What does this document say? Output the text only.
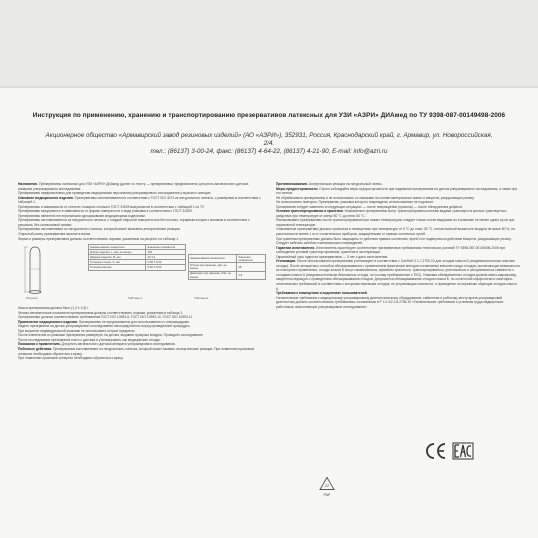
Инструкция по применению, хранению и транспортированию презервативов латексных для УЗИ «АЗРИ» ДИАмед по ТУ 9398-087-00149498-2006
Акционерное общество «Армавирский завод резиновых изделий» (АО «АЗРИ»), 352931, Россия, Краснодарский край, г. Армавир, ул. Новороссийская, 2/4.
тел.: (86137) 3-00-24, факс: (86137) 4-64-22, (86137) 4-21-90, E-mail: info@azri.ru

Назначение. Презервативы латексные для УЗИ «АЗРИ» ДИАмед (далее по тексту — презервативы) предназначены для ректо-вагинального датчика аппарата ультразвукового исследования.

Презервативы предназначены для проведения медицинским персоналом ультразвукового исследования у мужчин и женщин.

Описание медицинского изделия. Презервативы изготавливаются в соответствии с ГОСТ ISO 4074 из натурального латекса, с размерами в соответствии с таблицей 1.

Презервативы в зависимости от степени толщины согласно ГОСТ 31509 выпускаются в соответствии с таблицей 1 по ТУ.

Презервативы выпускаются в зависимости от формы поверхности и вида упаковки в соответствии с ГОСТ 31509.

Презервативы являются нестерильными одноразовыми медицинскими изделиями.

Презервативы изготавливаются из натурального латекса, с гладкой открытой поверхностью без полосы, торцевым концом с валиком в соответствии с рисунком, без силиконовой смазки.

Презервативы изготавливают из натурального латекса, который может вызывать аллергические реакции.

Открытый конец презерватива закатан в валик.

Форма и размеры презервативов должны соответствовать нормам, указанным на рисунке и в таблице 1.

Рисунок	Таблица 1	Таблица 2
Наименование показателя	Значение показателя
Длина изделия, L, мм, не менее	160
Ширина изделия, В, мм	40 ± 2
Толщина стенки, S, мм	0,06 ± 0,02
Толщина валика	0,06 ± 0,02
Наименование показателя	Значение показателя
Объем при разрыве, дм³, не менее	18
Давление при разрыве, кПа, не менее	1,0

Масса презерватива должна быть (1,3 ± 0,3) г.

Физико-механические показатели презервативов должны соответствовать нормам, указанным в таблице 2.

Презервативы должны соответствовать требованиям ГОСТ ISO 10993-5, ГОСТ ISO 10993-10, ГОСТ ISO 10993-11.

Применение медицинского изделия. Презервативы не предназначены для использования со спермицидами.

Надеть презерватив на датчик ультразвукового исследования непосредственно перед проведением процедуры.

При вскрытии индивидуальной упаковки не использовать острые предметы.

После извлечения из упаковки презерватив развернуть на датчик, выдавив пузырьки воздуха. Проводить исследование.

После исследования презерватив снять с датчика и утилизировать как медицинские отходы.

Показания к применению. Для ректо-вагинального датчика аппарата ультразвукового исследования.

Побочные действия. Презервативы изготавливают из натурального латекса, который может вызвать аллергические реакции. При появлении признаков аллергии необходимо обратиться к врачу.

При появлении признаков аллергии необходимо обратиться к врачу.

Противопоказания. Аллергическая реакция на натуральный латекс.

Меры предосторожности. Строго соблюдайте меры предосторожности при надевании презерватива на датчик ультразвукового исследования, а также при его снятии.

Не обрабатывать презервативы и не использовать со смазками на основе минеральных масел и веществ, разрушающих резину.

Не использовать повторно. Презерватив, упаковка которого повреждена, использованию не подлежит.

Презерватив следует заменить в следующих ситуациях — после повреждения (прокола) — после обнаружения дефекта.

Условия транспортирования и хранения. Упакованные презервативы могут транспортироваться всеми видами транспорта в крытых транспортных средствах при температуре от минус 50 °С до плюс 50 °С.

Распаковывать презервативы после транспортирования при низких температурах следует только после выдержки их в упаковке не менее одних суток при нормальной температуре.

Упакованные презервативы должны храниться в помещениях при температуре от 5 °С до плюс 25 °С, относительной влажности воздуха не выше 80 %, на расстоянии не менее 1 м от отопительных приборов, защищёнными от прямых солнечных лучей.

При хранении презервативы должны быть защищены от действия прямых солнечных лучей и не подвергаться действию веществ, разрушающих резину. Следует избегать изгибов и механических повреждений.

Гарантии изготовителя. Изготовитель гарантирует соответствие презервативов требованиям технических условий ТУ 9398-087-00149498-2006 при соблюдении условий транспортирования, хранения и эксплуатации.

Гарантийный срок годности презервативов — 5 лет с даты изготовления.

Утилизация. После использования презервативы утилизируют в соответствии с СанПиН 2.1.7.2790-10 для отходов класса Б (эпидемиологически опасные отходы). После аппаратных способов обеззараживания с применением физических методов и изменения внешнего вида отходов, исключающих возможность их повторного применения, отходы класса Б могут накапливаться, временно храниться, транспортироваться, уничтожаться и захораниваться совместно с отходами класса А (эпидемиологически безопасные отходы, по составу приближенные к ТБО). Упаковка обезвреженных отходов должна иметь маркировку, свидетельствующую о проведенном обеззараживании отходов. Допускается обеззараживание отходов класса Б, по остаточной морфологии и санитарно-гигиенических требований, в соответствии с которыми перевозка отходов, не устраняющая опасности, и проведение по перевозке образцов отходов класса А.

Требования к помещению и подготовке пользователей.

Гигиенические требования к медицинскому ультразвуковому диагностическому оборудованию, кабинетам и рабочему месту врача ультразвуковой диагностики должны соответствовать требованиям, изложенным в Р 2.2.4/2.2.8.2756-10 «Гигиенические требования к условиям труда медицинских работников, выполняющих ультразвуковые исследования».

CE	EAC
22
PAP
